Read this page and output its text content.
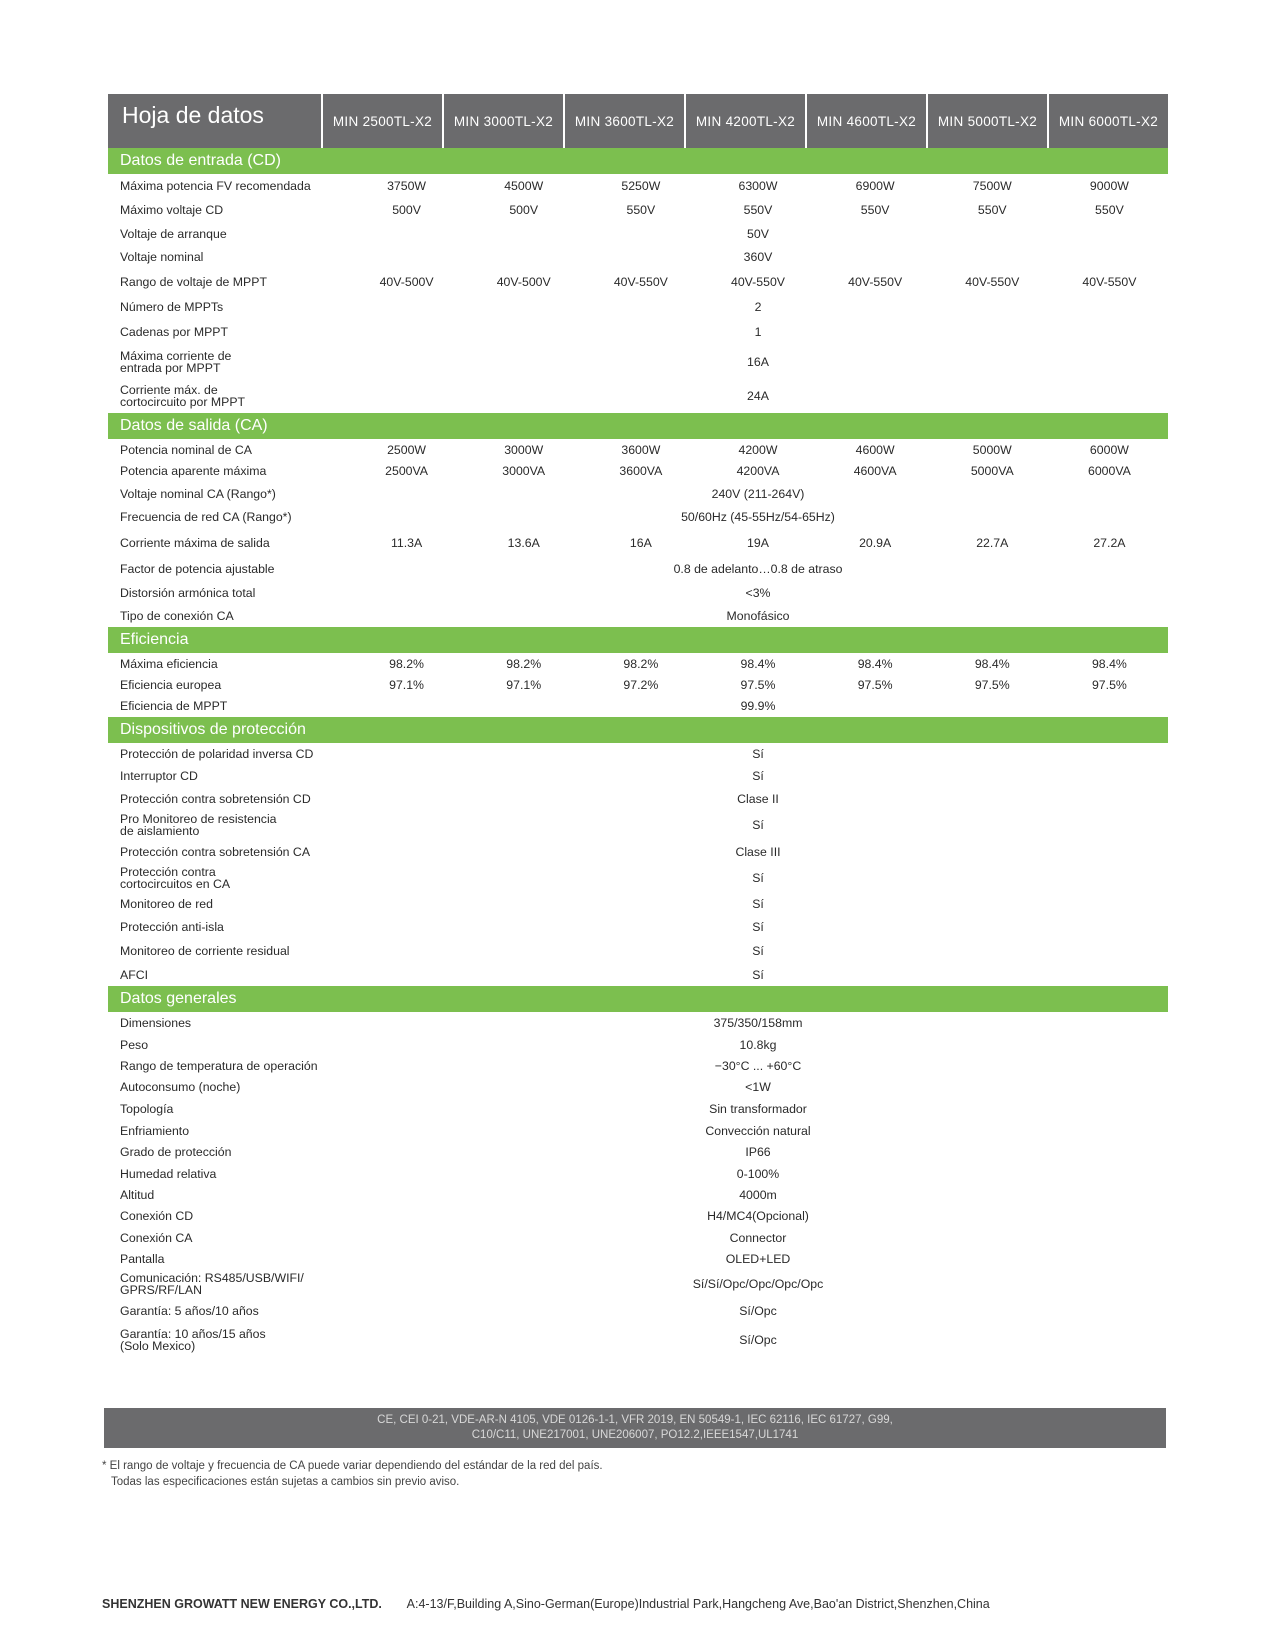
Hoja de datos	MIN 2500TL-X2	MIN 3000TL-X2	MIN 3600TL-X2	MIN 4200TL-X2	MIN 4600TL-X2	MIN 5000TL-X2	MIN 6000TL-X2
Datos de entrada (CD)
Máxima potencia FV recomendada	3750W	4500W	5250W	6300W	6900W	7500W	9000W
Máximo voltaje CD	500V	500V	550V	550V	550V	550V	550V
Voltaje de arranque	50V
Voltaje nominal	360V
Rango de voltaje de MPPT	40V-500V	40V-500V	40V-550V	40V-550V	40V-550V	40V-550V	40V-550V
Número de MPPTs	2
Cadenas por MPPT	1
Máxima corriente de
entrada por MPPT	16A
Corriente máx. de
cortocircuito por MPPT	24A
Datos de salida (CA)
Potencia nominal de CA	2500W	3000W	3600W	4200W	4600W	5000W	6000W
Potencia aparente máxima	2500VA	3000VA	3600VA	4200VA	4600VA	5000VA	6000VA
Voltaje nominal CA (Rango*)	240V (211-264V)
Frecuencia de red CA (Rango*)	50/60Hz (45-55Hz/54-65Hz)
Corriente máxima de salida	11.3A	13.6A	16A	19A	20.9A	22.7A	27.2A
Factor de potencia ajustable	0.8 de adelanto…0.8 de atraso
Distorsión armónica total	<3%
Tipo de conexión CA	Monofásico
Eficiencia
Máxima eficiencia	98.2%	98.2%	98.2%	98.4%	98.4%	98.4%	98.4%
Eficiencia europea	97.1%	97.1%	97.2%	97.5%	97.5%	97.5%	97.5%
Eficiencia de MPPT	99.9%
Dispositivos de protección
Protección de polaridad inversa CD	Sí
Interruptor CD	Sí
Protección contra sobretensión CD	Clase II
Pro Monitoreo de resistencia
de aislamiento	Sí
Protección contra sobretensión CA	Clase III
Protección contra
cortocircuitos en CA	Sí
Monitoreo de red	Sí
Protección anti-isla	Sí
Monitoreo de corriente residual	Sí
AFCI	Sí
Datos generales
Dimensiones	375/350/158mm
Peso	10.8kg
Rango de temperatura de operación	−30°C ... +60°C
Autoconsumo (noche)	<1W
Topología	Sin transformador
Enfriamiento	Convección natural
Grado de protección	IP66
Humedad relativa	0-100%
Altitud	4000m
Conexión CD	H4/MC4(Opcional)
Conexión CA	Connector
Pantalla	OLED+LED
Comunicación: RS485/USB/WIFI/
GPRS/RF/LAN	Sí/Sí/Opc/Opc/Opc/Opc
Garantía: 5 años/10 años	Sí/Opc
Garantía: 10 años/15 años
(Solo Mexico)	Sí/Opc
CE, CEI 0-21, VDE-AR-N 4105, VDE 0126-1-1, VFR 2019, EN 50549-1, IEC 62116, IEC 61727, G99,
C10/C11, UNE217001, UNE206007, PO12.2,IEEE1547,UL1741
* El rango de voltaje y frecuencia de CA puede variar dependiendo del estándar de la red del país.
Todas las especificaciones están sujetas a cambios sin previo aviso.
SHENZHEN GROWATT NEW ENERGY CO.,LTD. A:4-13/F,Building A,Sino-German(Europe)Industrial Park,Hangcheng Ave,Bao'an District,Shenzhen,China
